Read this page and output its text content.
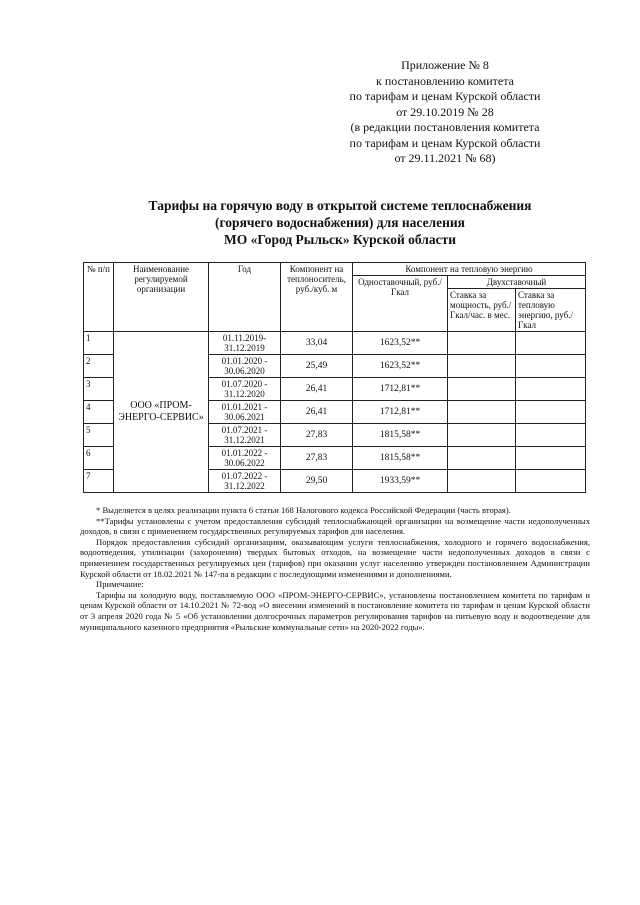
Приложение № 8
к постановлению комитета
по тарифам и ценам Курской области
от 29.10.2019 № 28
(в редакции постановления комитета
по тарифам и ценам Курской области
от 29.11.2021 № 68)
Тарифы на горячую воду в открытой системе теплоснабжения
(горячего водоснабжения) для населения
МО «Город Рыльск» Курской области
№ п/п	Наименование регулируемой организации	Год	Компонент на теплоноситель, руб./куб. м	Компонент на тепловую энергию		
				Одноставочный, руб./Гкал	Двухставочный	
					Ставка за мощность, руб./Гкал/час. в мес.	Ставка за тепловую энергию, руб./Гкал
1	ООО «ПРОМ-ЭНЕРГО-СЕРВИС»	01.11.2019-
31.12.2019	33,04	1623,52**		
2		01.01.2020 -
30.06.2020	25,49	1623,52**		
3		01.07.2020 -
31.12.2020	26,41	1712,81**		
4		01.01.2021 -
30.06.2021	26,41	1712,81**		
5		01.07.2021 -
31.12.2021	27,83	1815,58**		
6		01.01.2022 -
30.06.2022	27,83	1815,58**		
7		01.07.2022 -
31.12.2022	29,50	1933,59**		

* Выделяется в целях реализации пункта 6 статьи 168 Налогового кодекса Российской Федерации (часть вторая).

**Тарифы установлены с учетом предоставления субсидий теплоснабжающей организации на возмещение части недополученных доходов, в связи с применением государственных регулируемых тарифов для населения.

Порядок предоставления субсидий организациям, оказывающим услуги теплоснабжения, холодного и горячего водоснабжения, водоотведения, утилизации (захоронения) твердых бытовых отходов, на возмещение части недополученных доходов в связи с применением государственных регулируемых цен (тарифов) при оказании услуг населению утвержден постановлением Администрации Курской области от 18.02.2021 № 147-па в редакции с последующими изменениями и дополнениями.

Примечание:

Тарифы на холодную воду, поставляемую ООО «ПРОМ-ЭНЕРГО-СЕРВИС», установлены постановлением комитета по тарифам и ценам Курской области от 14.10.2021 № 72-вод «О внесении изменений в постановление комитета по тарифам и ценам Курской области от 3 апреля 2020 года № 5 «Об установлении долгосрочных параметров регулирования тарифов на питьевую воду и водоотведение для муниципального казенного предприятия «Рыльские коммунальные сети» на 2020-2022 годы».
